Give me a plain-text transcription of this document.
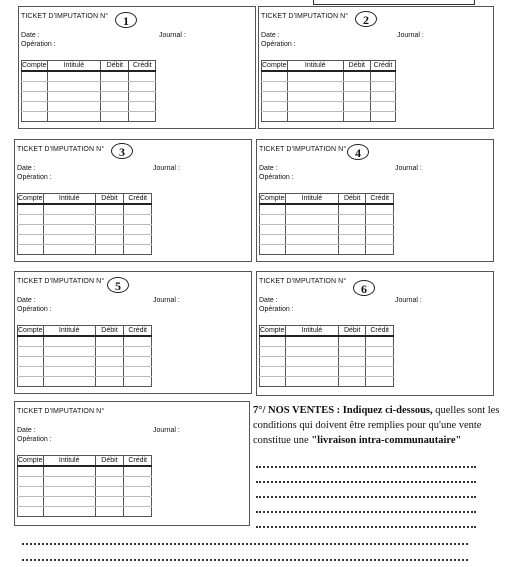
TICKET D'IMPUTATION N°	1
Date :	Journal :
Opération :
Compte	Intitulé	Débit	Crédit

TICKET D'IMPUTATION N°	2
Date :	Journal :
Opération :
Compte	Intitulé	Débit	Crédit

TICKET D'IMPUTATION N°	3
Date :	Journal :
Opération :
Compte	Intitulé	Débit	Crédit

TICKET D'IMPUTATION N° 4
Date :	Journal :
Opération :
Compte	Intitulé	Débit	Crédit

TICKET D'IMPUTATION N° 5
Date :	Journal :
Opération :
Compte	Intitulé	Débit	Crédit

TICKET D'IMPUTATION N°
6
Date :	Journal :
Opération :
Compte	Intitulé	Débit	Crédit

TICKET D'IMPUTATION N°
Date :	Journal :
Opération :
Compte	Intitulé	Débit	Crédit

7°/ NOS VENTES : Indiquez ci-dessous, quelles sont les conditions qui doivent être remplies pour qu'une vente constitue une "livraison intra-communautaire"
